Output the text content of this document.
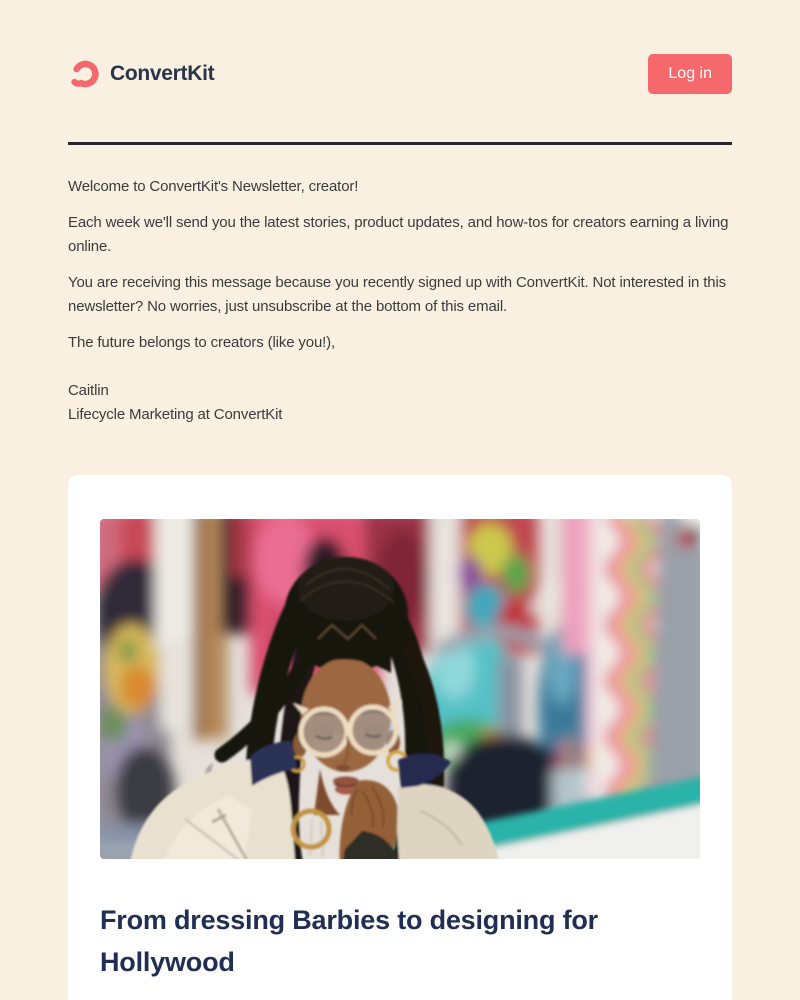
ConvertKit	Log in

Welcome to ConvertKit's Newsletter, creator!

Each week we'll send you the latest stories, product updates, and how-tos for creators earning a living online.

You are receiving this message because you recently signed up with ConvertKit. Not interested in this newsletter? No worries, just unsubscribe at the bottom of this email.

The future belongs to creators (like you!),

Caitlin
Lifecycle Marketing at ConvertKit
From dressing Barbies to designing for Hollywood
